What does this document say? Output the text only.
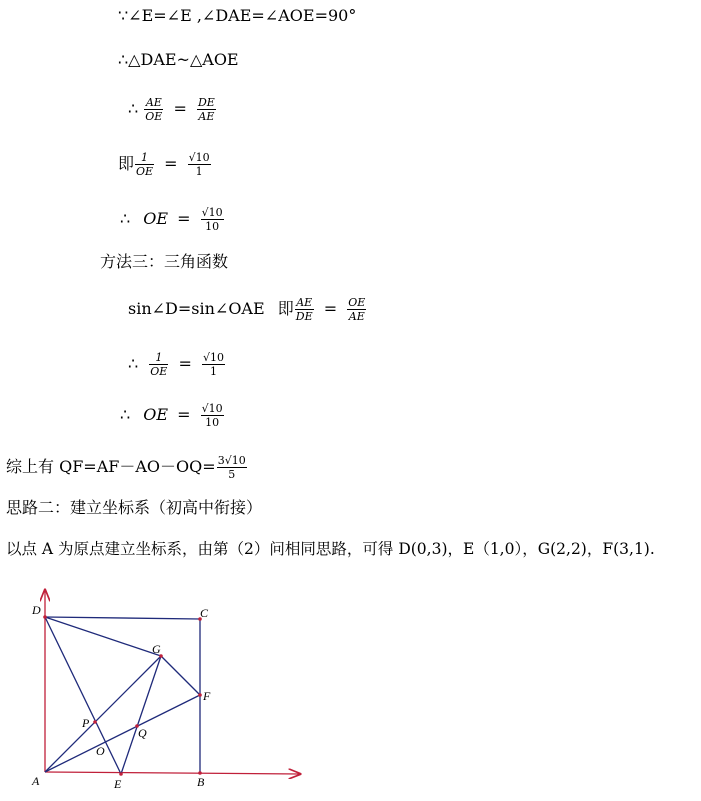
∵∠E=∠E ,∠DAE=∠AOE=90°
∴△DAE~△AOE
∴ $\frac{AE}{OE} = \frac{DE}{AE}$
即 $\frac{1}{OE} = \frac{√10}{1}$
∴ OE = $\frac{√10}{10}$
方法三：三角函数
sin∠D=sin∠OAE 即 $\frac{AE}{DE} = \frac{OE}{AE}$
∴ $\frac{1}{OE} = \frac{√10}{1}$
∴ OE = $\frac{√10}{10}$
综上有 $QF=AF-AO-OQ= \frac{3√10}{5}$
思路二：建立坐标系（初高中衔接）
以点 A 为原点建立坐标系，由第（2）问相同思路，可得 D(0,3)，E（1,0），G(2,2)，F(3,1).
D	C
G
F
P
O
Q
A	E	B
